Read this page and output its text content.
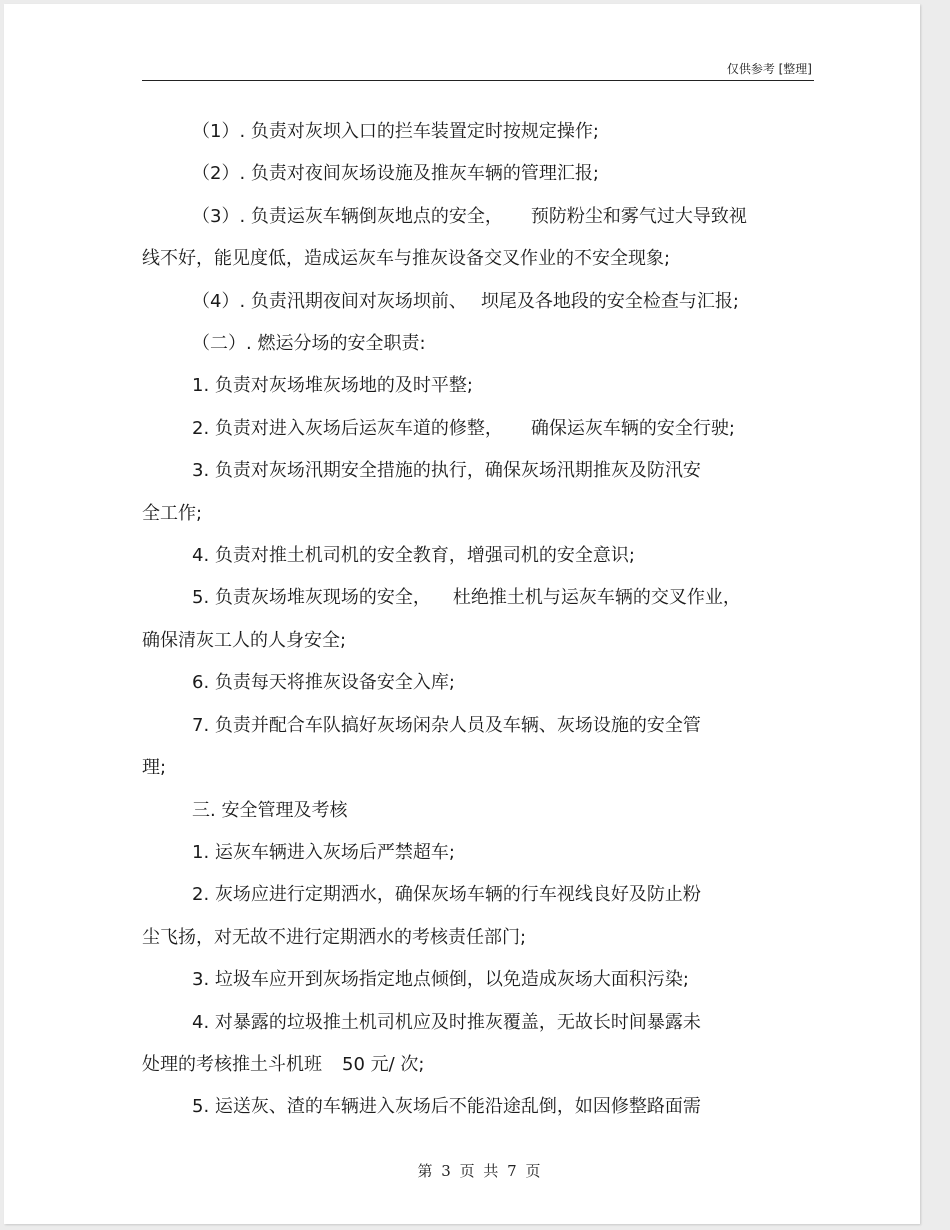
仅供参考 [整理]

（1）. 负责对灰坝入口的拦车装置定时按规定操作;

（2）. 负责对夜间灰场设施及推灰车辆的管理汇报;

（3）. 负责运灰车辆倒灰地点的安全， 预防粉尘和雾气过大导致视

线不好，能见度低，造成运灰车与推灰设备交叉作业的不安全现象;

（4）. 负责汛期夜间对灰场坝前、 坝尾及各地段的安全检查与汇报;

（二）. 燃运分场的安全职责:

1. 负责对灰场堆灰场地的及时平整;

2. 负责对进入灰场后运灰车道的修整， 确保运灰车辆的安全行驶;

3. 负责对灰场汛期安全措施的执行，确保灰场汛期推灰及防汛安

全工作;

4. 负责对推土机司机的安全教育，增强司机的安全意识;

5. 负责灰场堆灰现场的安全， 杜绝推土机与运灰车辆的交叉作业，

确保清灰工人的人身安全;

6. 负责每天将推灰设备安全入库;

7. 负责并配合车队搞好灰场闲杂人员及车辆、灰场设施的安全管

理;

三. 安全管理及考核

1. 运灰车辆进入灰场后严禁超车;

2. 灰场应进行定期洒水，确保灰场车辆的行车视线良好及防止粉

尘飞扬，对无故不进行定期洒水的考核责任部门;

3. 垃圾车应开到灰场指定地点倾倒，以免造成灰场大面积污染;

4. 对暴露的垃圾推土机司机应及时推灰覆盖，无故长时间暴露未

处理的考核推土斗机班 50 元/ 次;

5. 运送灰、渣的车辆进入灰场后不能沿途乱倒，如因修整路面需

第 3 页 共 7 页
